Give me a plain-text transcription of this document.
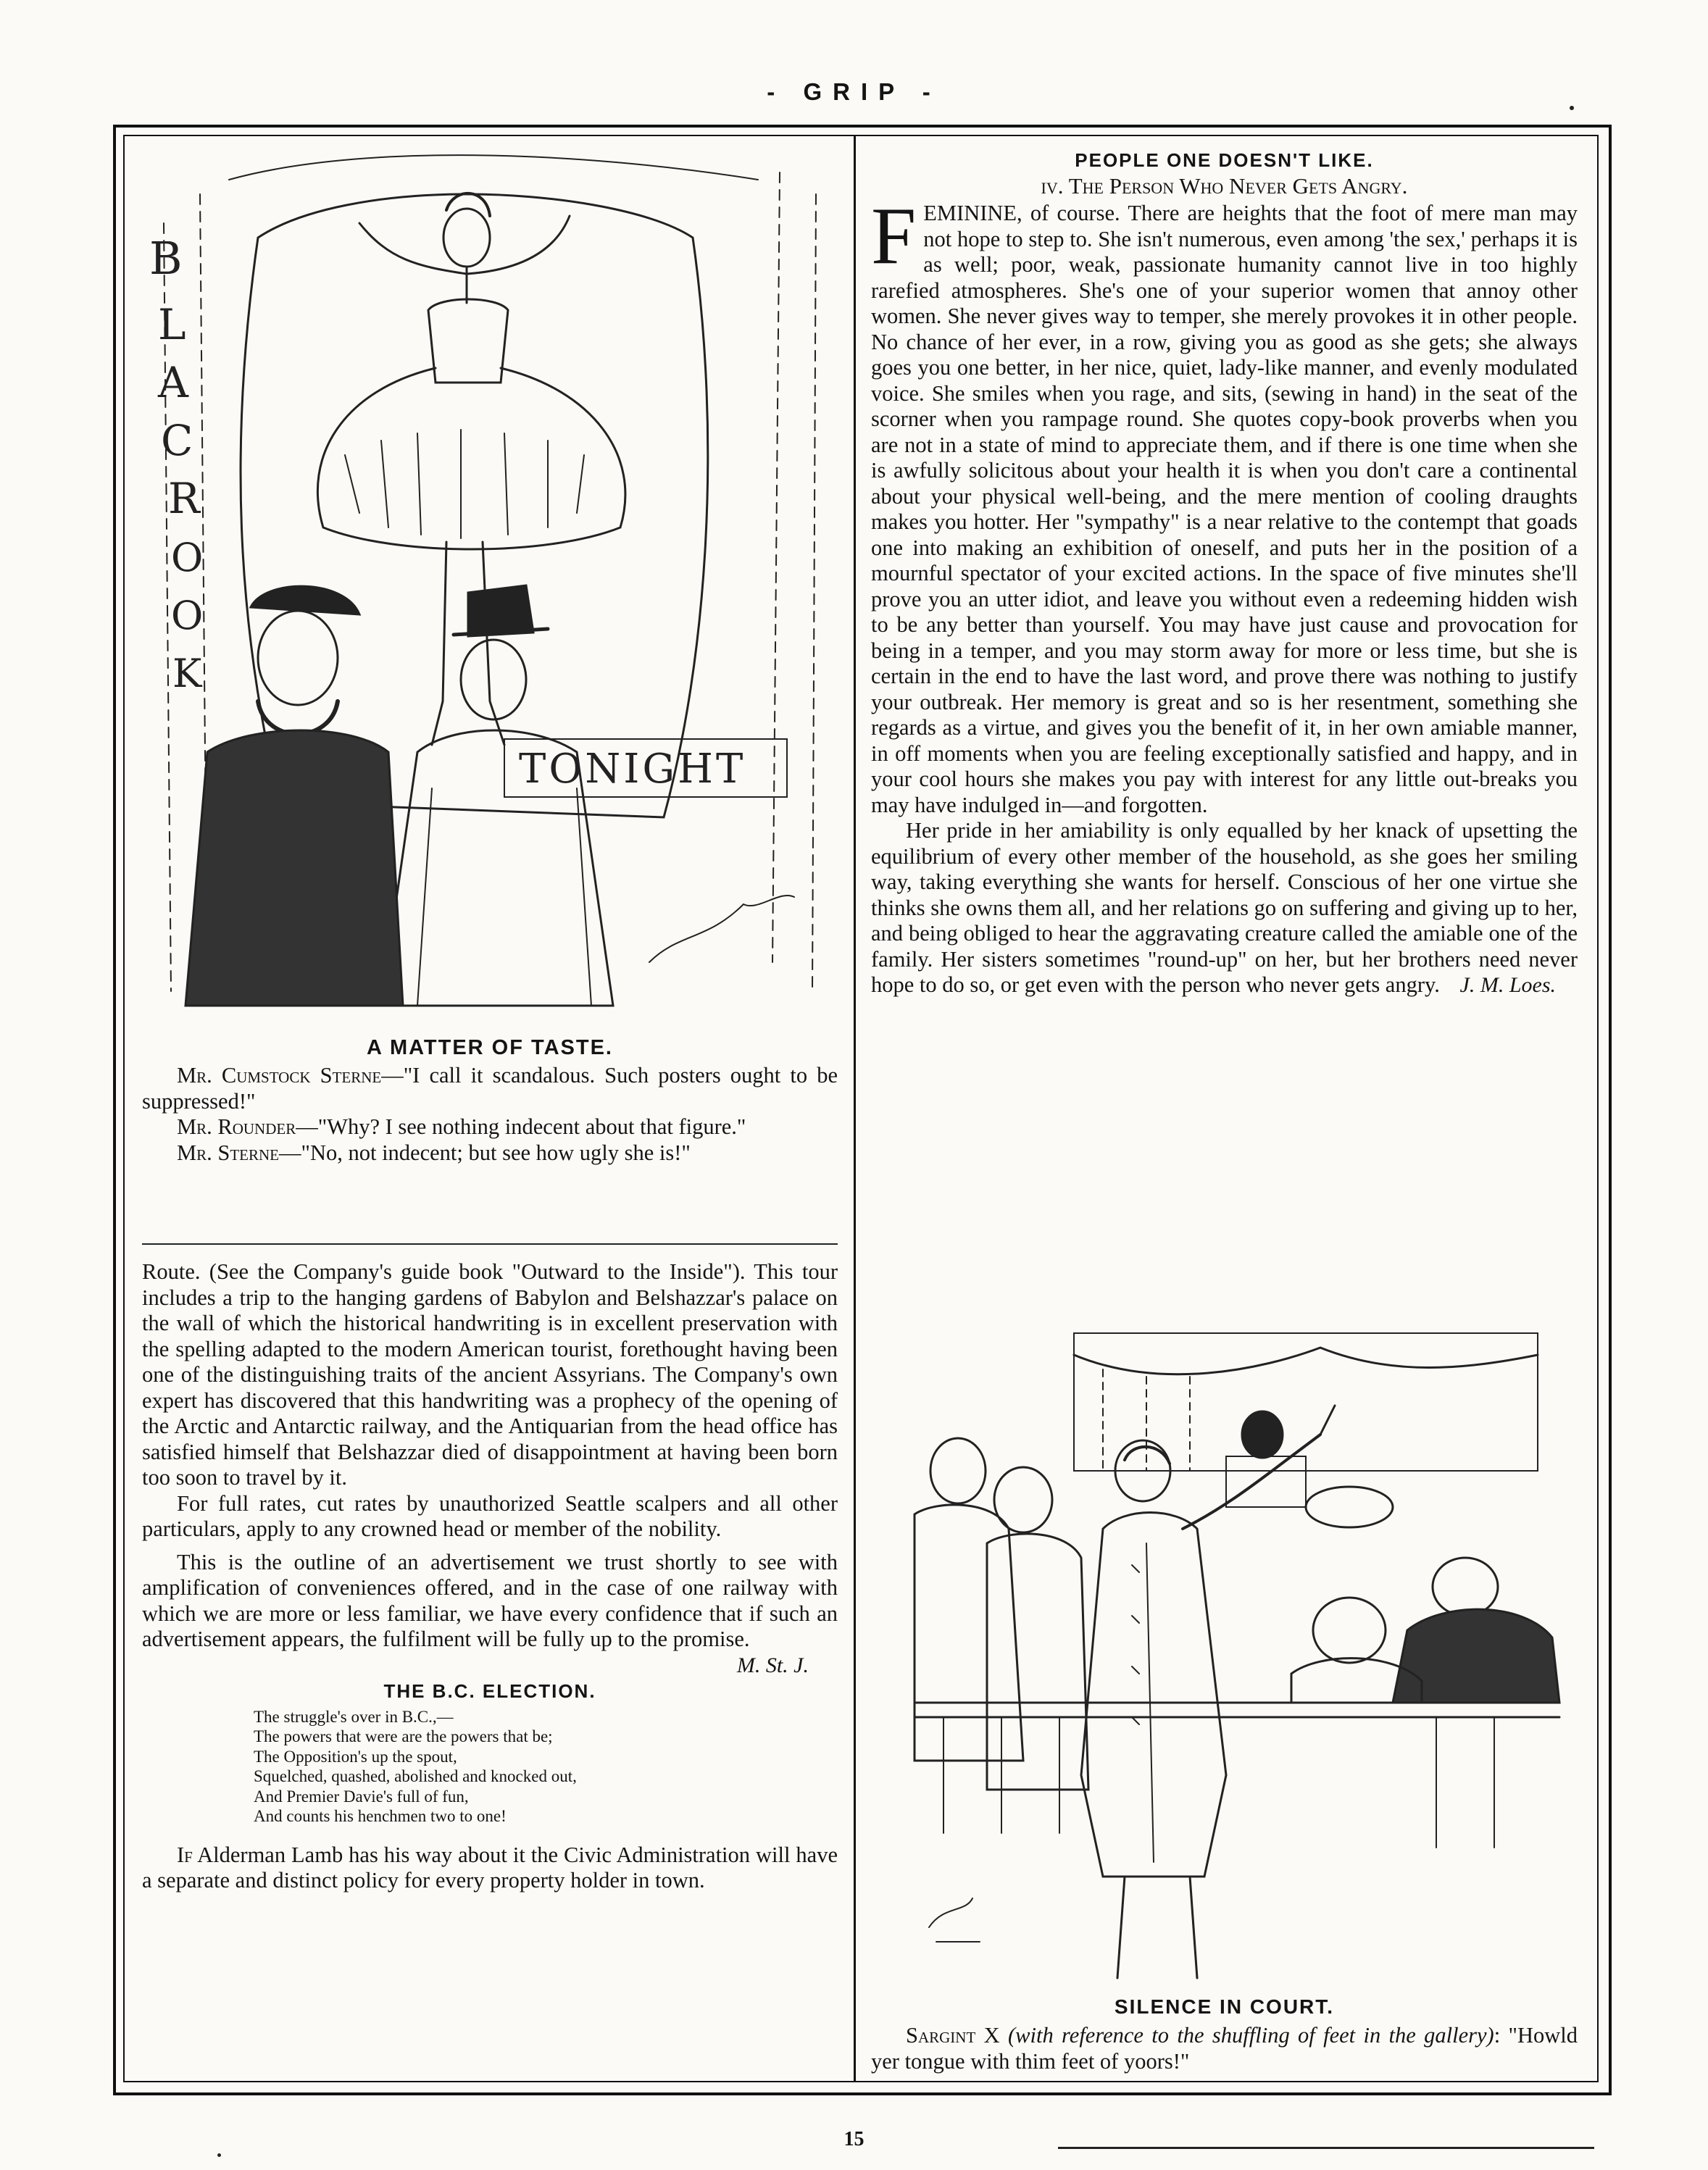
- GRIP -
B
L
A
C
R
O
O
K
TONIGHT
A MATTER OF TASTE.

Mr. Cumstock Sterne—"I call it scandalous. Such posters ought to be suppressed!"

Mr. Rounder—"Why? I see nothing indecent about that figure."

Mr. Sterne—"No, not indecent; but see how ugly she is!"

Route. (See the Company's guide book "Outward to the Inside"). This tour includes a trip to the hanging gardens of Babylon and Belshazzar's palace on the wall of which the historical handwriting is in excellent preservation with the spelling adapted to the modern American tourist, forethought having been one of the distinguishing traits of the ancient Assyrians. The Company's own expert has discovered that this handwriting was a prophecy of the opening of the Arctic and Antarctic railway, and the Antiquarian from the head office has satisfied himself that Belshazzar died of disappointment at having been born too soon to travel by it.

For full rates, cut rates by unauthorized Seattle scalpers and all other particulars, apply to any crowned head or member of the nobility.

This is the outline of an advertisement we trust shortly to see with amplification of conveniences offered, and in the case of one railway with which we are more or less familiar, we have every confidence that if such an advertisement appears, the fulfilment will be fully up to the promise.

M. St. J.
THE B.C. ELECTION.
The struggle's over in B.C.,—
The powers that were are the powers that be;
The Opposition's up the spout,
Squelched, quashed, abolished and knocked out,
And Premier Davie's full of fun,
And counts his henchmen two to one!

If Alderman Lamb has his way about it the Civic Administration will have a separate and distinct policy for every property holder in town.

PEOPLE ONE DOESN'T LIKE.
iv. The Person Who Never Gets Angry.

FEMININE, of course. There are heights that the foot of mere man may not hope to step to. She isn't numerous, even among 'the sex,' perhaps it is as well; poor, weak, passionate humanity cannot live in too highly rarefied atmospheres. She's one of your superior women that annoy other women. She never gives way to temper, she merely provokes it in other people. No chance of her ever, in a row, giving you as good as she gets; she always goes you one better, in her nice, quiet, lady-like manner, and evenly modulated voice. She smiles when you rage, and sits, (sewing in hand) in the seat of the scorner when you rampage round. She quotes copy-book proverbs when you are not in a state of mind to appreciate them, and if there is one time when she is awfully solicitous about your health it is when you don't care a continental about your physical well-being, and the mere mention of cooling draughts makes you hotter. Her "sympathy" is a near relative to the contempt that goads one into making an exhibition of oneself, and puts her in the position of a mournful spectator of your excited actions. In the space of five minutes she'll prove you an utter idiot, and leave you without even a redeeming hidden wish to be any better than yourself. You may have just cause and provocation for being in a temper, and you may storm away for more or less time, but she is certain in the end to have the last word, and prove there was nothing to justify your outbreak. Her memory is great and so is her resentment, something she regards as a virtue, and gives you the benefit of it, in her own amiable manner, in off moments when you are feeling exceptionally satisfied and happy, and in your cool hours she makes you pay with interest for any little out-breaks you may have indulged in—and forgotten.

Her pride in her amiability is only equalled by her knack of upsetting the equilibrium of every other member of the household, as she goes her smiling way, taking everything she wants for herself. Conscious of her one virtue she thinks she owns them all, and her relations go on suffering and giving up to her, and being obliged to hear the aggravating creature called the amiable one of the family. Her sisters sometimes "round-up" on her, but her brothers need never hope to do so, or get even with the person who never gets angry. J. M. Loes.
SILENCE IN COURT.

Sargint X (with reference to the shuffling of feet in the gallery): "Howld yer tongue with thim feet of yoors!"

15
